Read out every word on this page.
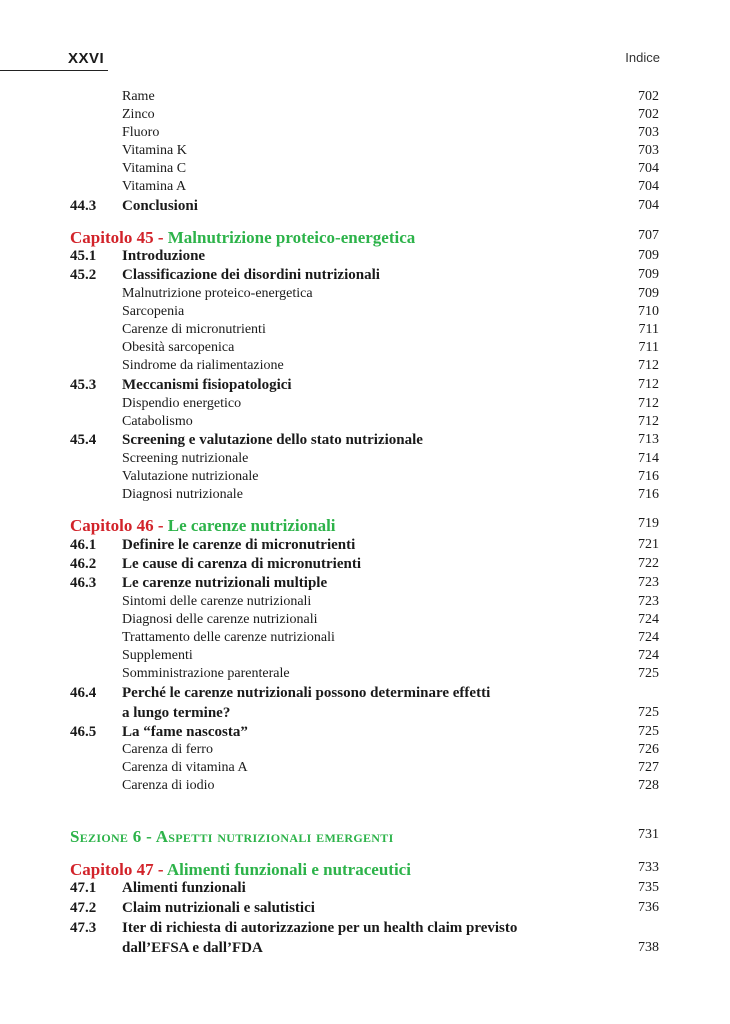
XXVI	Indice
Rame	702
Zinco	702
Fluoro	703
Vitamina K	703
Vitamina C	704
Vitamina A	704
44.3 Conclusioni	704
Capitolo 45 - Malnutrizione proteico-energetica	707
45.1 Introduzione	709
45.2 Classificazione dei disordini nutrizionali	709
Malnutrizione proteico-energetica	709
Sarcopenia	710
Carenze di micronutrienti	711
Obesità sarcopenica	711
Sindrome da rialimentazione	712
45.3 Meccanismi fisiopatologici	712
Dispendio energetico	712
Catabolismo	712
45.4 Screening e valutazione dello stato nutrizionale	713
Screening nutrizionale	714
Valutazione nutrizionale	716
Diagnosi nutrizionale	716
Capitolo 46 - Le carenze nutrizionali	719
46.1 Definire le carenze di micronutrienti	721
46.2 Le cause di carenza di micronutrienti	722
46.3 Le carenze nutrizionali multiple	723
Sintomi delle carenze nutrizionali	723
Diagnosi delle carenze nutrizionali	724
Trattamento delle carenze nutrizionali	724
Supplementi	724
Somministrazione parenterale	725
46.4 Perché le carenze nutrizionali possono determinare effetti
a lungo termine?	725
46.5 La “fame nascosta”	725
Carenza di ferro	726
Carenza di vitamina A	727
Carenza di iodio	728
Sezione 6 - Aspetti nutrizionali emergenti	731
Capitolo 47 - Alimenti funzionali e nutraceutici	733
47.1 Alimenti funzionali	735
47.2 Claim nutrizionali e salutistici	736
47.3 Iter di richiesta di autorizzazione per un health claim previsto
dall’EFSA e dall’FDA	738
